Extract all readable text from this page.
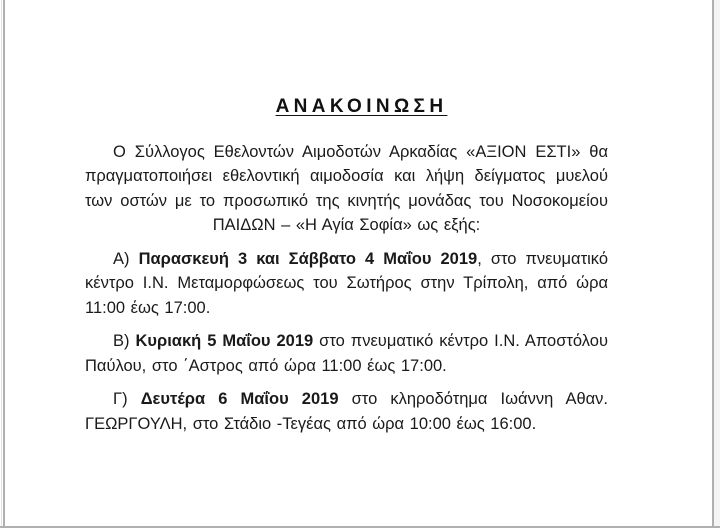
ΑΝΑΚΟΙΝΩΣΗ

Ο Σύλλογος Εθελοντών Αιμοδοτών Αρκαδίας «ΑΞΙΟΝ ΕΣΤΙ» θα πραγματοποιήσει εθελοντική αιμοδοσία και λήψη δείγματος μυελού των οστών με το προσωπικό της κινητής μονάδας του Νοσοκομείου ΠΑΙΔΩΝ – «Η Αγία Σοφία» ως εξής:

Α) Παρασκευή 3 και Σάββατο 4 Μαΐου 2019, στο πνευματικό κέντρο Ι.Ν. Μεταμορφώσεως του Σωτήρος στην Τρίπολη, από ώρα 11:00 έως 17:00.

Β) Κυριακή 5 Μαΐου 2019 στο πνευματικό κέντρο Ι.Ν. Αποστόλου Παύλου, στο ΄Αστρος από ώρα 11:00 έως 17:00.

Γ) Δευτέρα 6 Μαΐου 2019 στο κληροδότημα Ιωάννη Αθαν. ΓΕΩΡΓΟΥΛΗ, στο Στάδιο -Τεγέας από ώρα 10:00 έως 16:00.
